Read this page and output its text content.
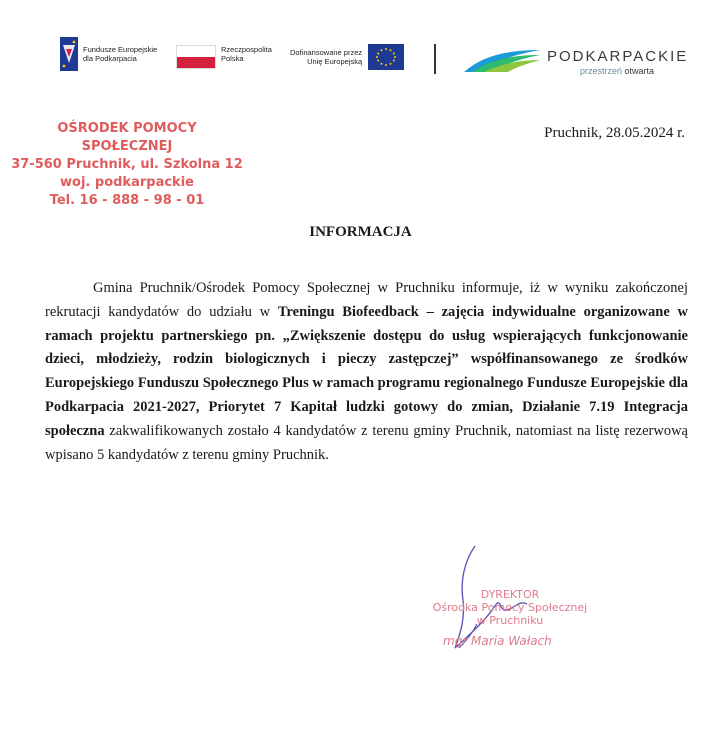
Fundusze Europejskie
dla Podkarpacia
Rzeczpospolita
Polska
Dofinansowane przez
Unię Europejską	PODKARPACKIE
przestrzeń otwarta
OŚRODEK POMOCY SPOŁECZNEJ
37-560 Pruchnik, ul. Szkolna 12
woj. podkarpackie
Tel. 16 - 888 - 98 - 01
Pruchnik, 28.05.2024 r.
INFORMACJA
Gmina Pruchnik/Ośrodek Pomocy Społecznej w Pruchniku informuje, iż w wyniku zakończonej rekrutacji kandydatów do udziału w Treningu Biofeedback – zajęcia indywidualne organizowane w ramach projektu partnerskiego pn. „Zwiększenie dostępu do usług wspierających funkcjonowanie dzieci, młodzieży, rodzin biologicznych i pieczy zastępczej” współfinansowanego ze środków Europejskiego Funduszu Społecznego Plus w ramach programu regionalnego Fundusze Europejskie dla Podkarpacia 2021-2027, Priorytet 7 Kapitał ludzki gotowy do zmian, Działanie 7.19 Integracja społeczna zakwalifikowanych zostało 4 kandydatów z terenu gminy Pruchnik, natomiast na listę rezerwową wpisano 5 kandydatów z terenu gminy Pruchnik.
DYREKTOR
Ośrodka Pomocy Społecznej
w Pruchniku
mgr Maria Wałach
